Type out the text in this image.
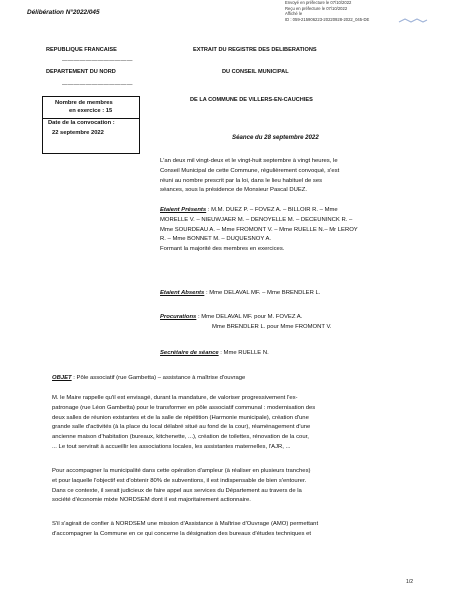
Délibération N°2022/045
Envoyé en préfecture le 07/10/2022
Reçu en préfecture le 07/10/2022
Affiché le
ID : 059-215906223-20220928-2022_045-DE
REPUBLIQUE FRANCAISE
————————————
DEPARTEMENT DU NORD
————————————
EXTRAIT DU REGISTRE DES DELIBERATIONS
DU CONSEIL MUNICIPAL
DE LA COMMUNE DE VILLERS-EN-CAUCHIES
Nombre de membres
en exercice : 15
Date de la convocation :
22 septembre 2022
Séance du 28 septembre 2022
L'an deux mil vingt-deux et le vingt-huit septembre à vingt heures, le
Conseil Municipal de cette Commune, régulièrement convoqué, s'est
réuni au nombre prescrit par la loi, dans le lieu habituel de ses
séances, sous la présidence de Monsieur Pascal DUEZ.
Etaient Présents : M.M. DUEZ P. – FOVEZ A. – BILLOIR R. – Mme
MORELLE V. – NIEUWJAER M. – DENOYELLE M. – DECEUNINCK R. –
Mme SOURDEAU A. – Mme FROMONT V. – Mme RUELLE N.– Mr LEROY
R. – Mme BONNET M. – DUQUESNOY A.
Formant la majorité des membres en exercices.
Etaient Absents : Mme DELAVAL MF. – Mme BRENDLER L.
Procurations : Mme DELAVAL MF. pour M. FOVEZ A.
Mme BRENDLER L. pour Mme FROMONT V.
Secrétaire de séance : Mme RUELLE N.
OBJET : Pôle associatif (rue Gambetta) – assistance à maîtrise d'ouvrage
M. le Maire rappelle qu'il est envisagé, durant la mandature, de valoriser progressivement l'ex-
patronage (rue Léon Gambetta) pour le transformer en pôle associatif communal : modernisation des
deux salles de réunion existantes et de la salle de répétition (Harmonie municipale), création d'une
grande salle d'activités (à la place du local délabré situé au fond de la cour), réaménagement d'une
ancienne maison d'habitation (bureaux, kitchenette, ...), création de toilettes, rénovation de la cour,
... Le tout servirait à accueillir les associations locales, les assistantes maternelles, l'AJR, ...
Pour accompagner la municipalité dans cette opération d'ampleur (à réaliser en plusieurs tranches)
et pour laquelle l'objectif est d'obtenir 80% de subventions, il est indispensable de bien s'entourer.
Dans ce contexte, il serait judicieux de faire appel aux services du Département au travers de la
société d'économie mixte NORDSEM dont il est majoritairement actionnaire.
S'il s'agirait de confier à NORDSEM une mission d'Assistance à Maîtrise d'Ouvrage (AMO) permettant
d'accompagner la Commune en ce qui concerne la désignation des bureaux d'études techniques et
1/2
